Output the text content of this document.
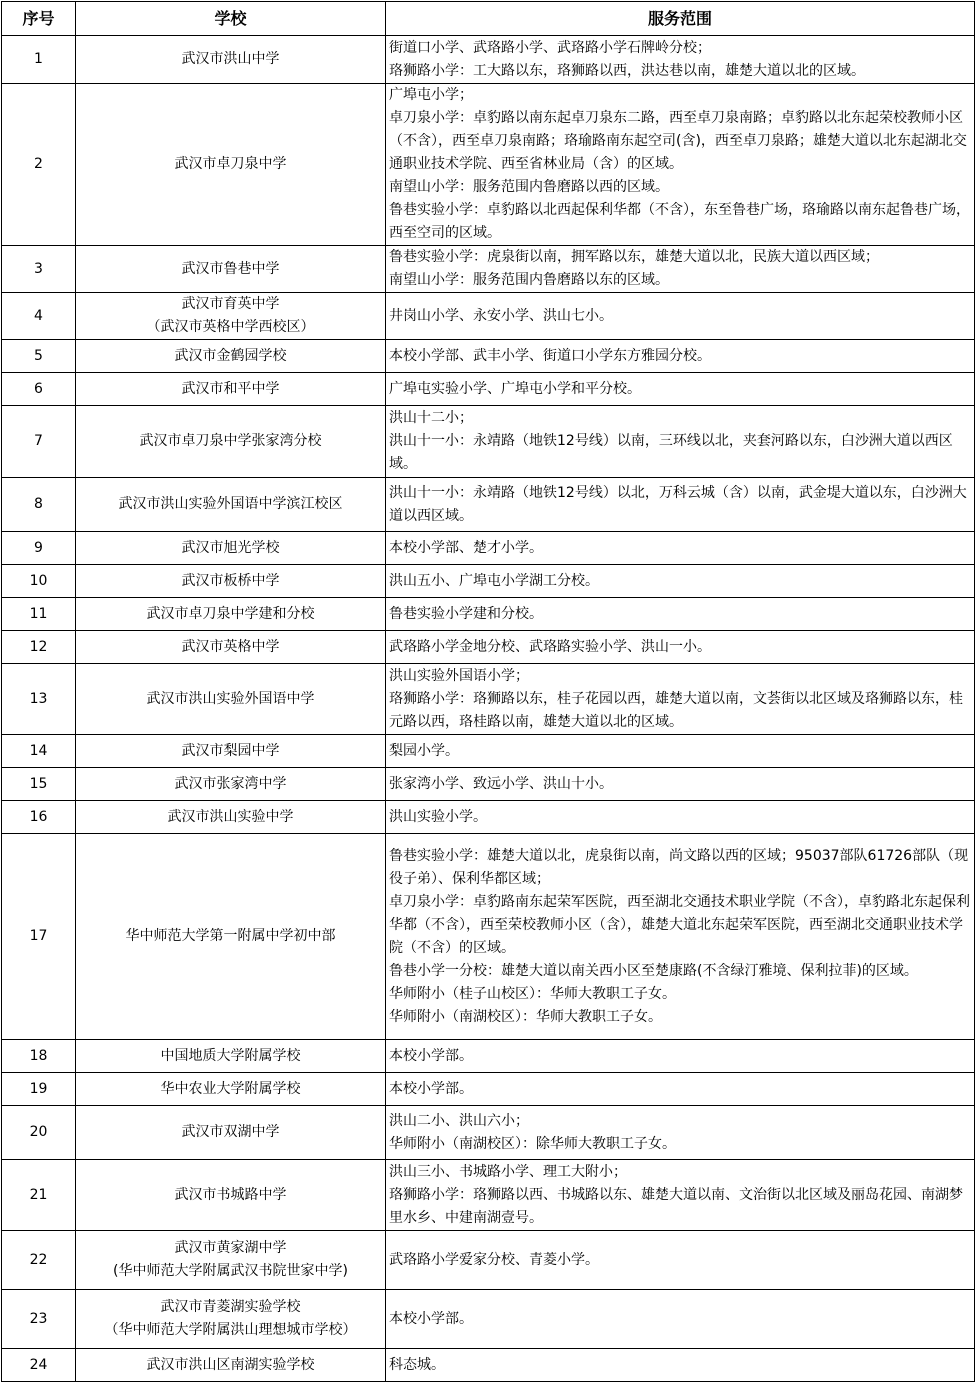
序号	学校	服务范围
1	武汉市洪山中学	街道口小学、武珞路小学、武珞路小学石牌岭分校；
珞狮路小学：工大路以东，珞狮路以西，洪达巷以南，雄楚大道以北的区域。

2	武汉市卓刀泉中学	广埠屯小学；
卓刀泉小学：卓豹路以南东起卓刀泉东二路，西至卓刀泉南路；卓豹路以北东起荣校教师小区（不含），西至卓刀泉南路；珞瑜路南东起空司(含)，西至卓刀泉路；雄楚大道以北东起湖北交通职业技术学院、西至省林业局（含）的区域。
南望山小学：服务范围内鲁磨路以西的区域。
鲁巷实验小学：卓豹路以北西起保利华都（不含），东至鲁巷广场，珞瑜路以南东起鲁巷广场，西至空司的区域。

3	武汉市鲁巷中学	鲁巷实验小学：虎泉街以南，拥军路以东，雄楚大道以北，民族大道以西区域；
南望山小学：服务范围内鲁磨路以东的区域。

4	武汉市育英中学
（武汉市英格中学西校区）	井岗山小学、永安小学、洪山七小。

5	武汉市金鹤园学校	本校小学部、武丰小学、街道口小学东方雅园分校。

6	武汉市和平中学	广埠屯实验小学、广埠屯小学和平分校。

7	武汉市卓刀泉中学张家湾分校	洪山十二小；
洪山十一小：永靖路（地铁12号线）以南，三环线以北，夹套河路以东，白沙洲大道以西区域。

8	武汉市洪山实验外国语中学滨江校区	洪山十一小：永靖路（地铁12号线）以北，万科云城（含）以南，武金堤大道以东，白沙洲大道以西区域。

9	武汉市旭光学校	本校小学部、楚才小学。

10	武汉市板桥中学	洪山五小、广埠屯小学湖工分校。

11	武汉市卓刀泉中学建和分校	鲁巷实验小学建和分校。

12	武汉市英格中学	武珞路小学金地分校、武珞路实验小学、洪山一小。

13	武汉市洪山实验外国语中学	洪山实验外国语小学；
珞狮路小学：珞狮路以东，桂子花园以西，雄楚大道以南，文荟街以北区域及珞狮路以东，桂元路以西，珞桂路以南，雄楚大道以北的区域。

14	武汉市梨园中学	梨园小学。

15	武汉市张家湾中学	张家湾小学、致远小学、洪山十小。

16	武汉市洪山实验中学	洪山实验小学。

17	华中师范大学第一附属中学初中部	鲁巷实验小学：雄楚大道以北，虎泉街以南，尚文路以西的区域；95037部队61726部队（现役子弟）、保利华都区域；
卓刀泉小学：卓豹路南东起荣军医院，西至湖北交通技术职业学院（不含），卓豹路北东起保利华都（不含），西至荣校教师小区（含），雄楚大道北东起荣军医院，西至湖北交通职业技术学院（不含）的区域。
鲁巷小学一分校：雄楚大道以南关西小区至楚康路(不含绿汀雅境、保利拉菲)的区域。
华师附小（桂子山校区）：华师大教职工子女。
华师附小（南湖校区）：华师大教职工子女。

18	中国地质大学附属学校	本校小学部。

19	华中农业大学附属学校	本校小学部。

20	武汉市双湖中学	洪山二小、洪山六小；
华师附小（南湖校区）：除华师大教职工子女。

21	武汉市书城路中学	洪山三小、书城路小学、理工大附小；
珞狮路小学：珞狮路以西、书城路以东、雄楚大道以南、文治街以北区域及丽岛花园、南湖梦里水乡、中建南湖壹号。

22	武汉市黄家湖中学
(华中师范大学附属武汉书院世家中学)	武珞路小学爱家分校、青菱小学。

23	武汉市青菱湖实验学校
（华中师范大学附属洪山理想城市学校）	本校小学部。

24	武汉市洪山区南湖实验学校	科态城。
